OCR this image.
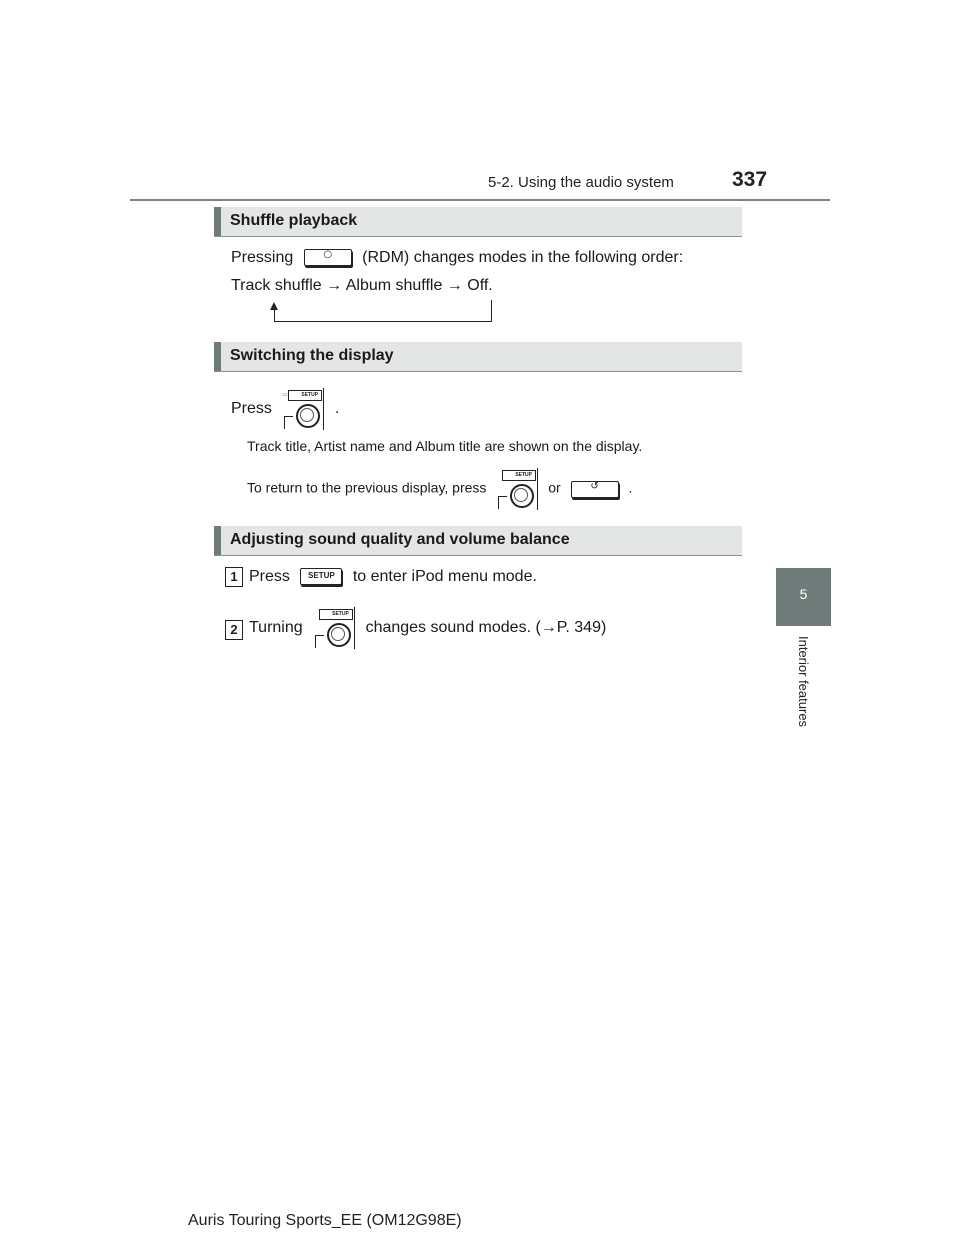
5-2. Using the audio system	337
5
Interior features
Shuffle playback
Pressing	○	(RDM) changes modes in the following order:
Track shuffle → Album shuffle → Off.
Switching the display
Press
SETUP
▭
.
Track title, Artist name and Album title are shown on the display.
To return to the previous display, press
SETUP
or	↺	.
Adjusting sound quality and volume balance
1 Press	SETUP	to enter iPod menu mode.
2 Turning
SETUP
changes sound modes. (→P. 349)
Auris Touring Sports_EE (OM12G98E)
